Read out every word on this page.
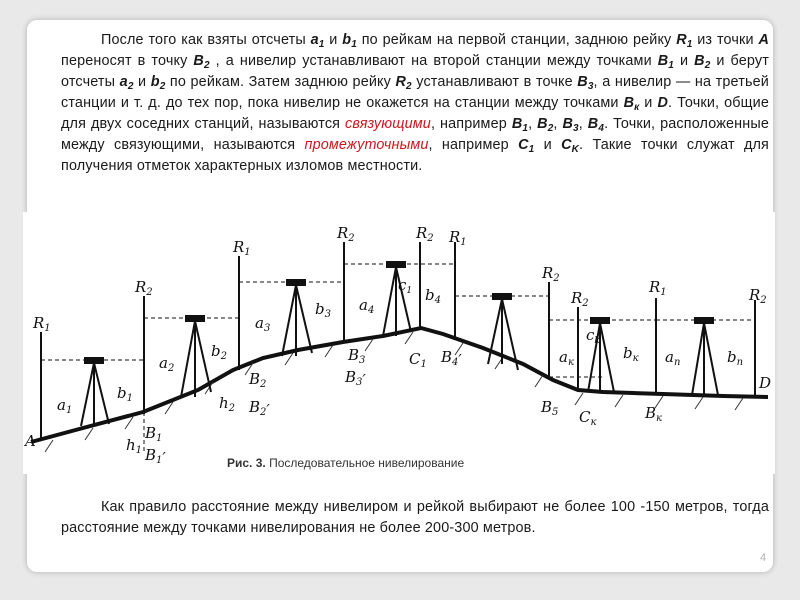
После того как взяты отсчеты $a_1$ и $b_1$ по рейкам на первой станции, заднюю рейку $R_1$ из точки A переносят в точку $B_2$ , а нивелир устанавливают на второй станции между точками $B_1$ и $B_2$ и берут отсчеты $a_2$ и $b_2$ по рейкам. Затем заднюю рейку $R_2$ устанавливают в точке $B_3$, а нивелир — на третьей станции и т. д. до тех пор, пока нивелир не окажется на станции между точками $B_к$ и D. Точки, общие для двух соседних станций, называются связующими, например $B_1$, $B_2$, $B_3$, $B_4$. Точки, расположенные между связующими, называются промежуточными, например $C_1$ и $C_K$. Такие точки служат для получения отметок характерных изломов местности.
Как правило расстояние между нивелиром и рейкой выбирают не более 100 -150 метров, тогда расстояние между точками нивелирования не более 200-300 метров.
4
$R_1$
$R_2$
$R_1$
$R_2$	$R_2$ $R_1$
$R_2$
$R_2$
$R_1$	$R_2$
$a_1$
$b_1$
$a_2$
$b_2$
$a_3$
$b_3$
$a_4$
$b_4$
$c_1$
$c_k$
$a_к$
$b_к$ $a_п$	$b_п$
A
D
$h_1$
$h_2$
$B_1$
$B_1'$
$B_2$
$B_2'$
$B_3$
$B_3'$
$C_1$ $B_4'$
$B_5$ $C_к$
$B_к$
Рис. 3. Последовательное нивелирование
